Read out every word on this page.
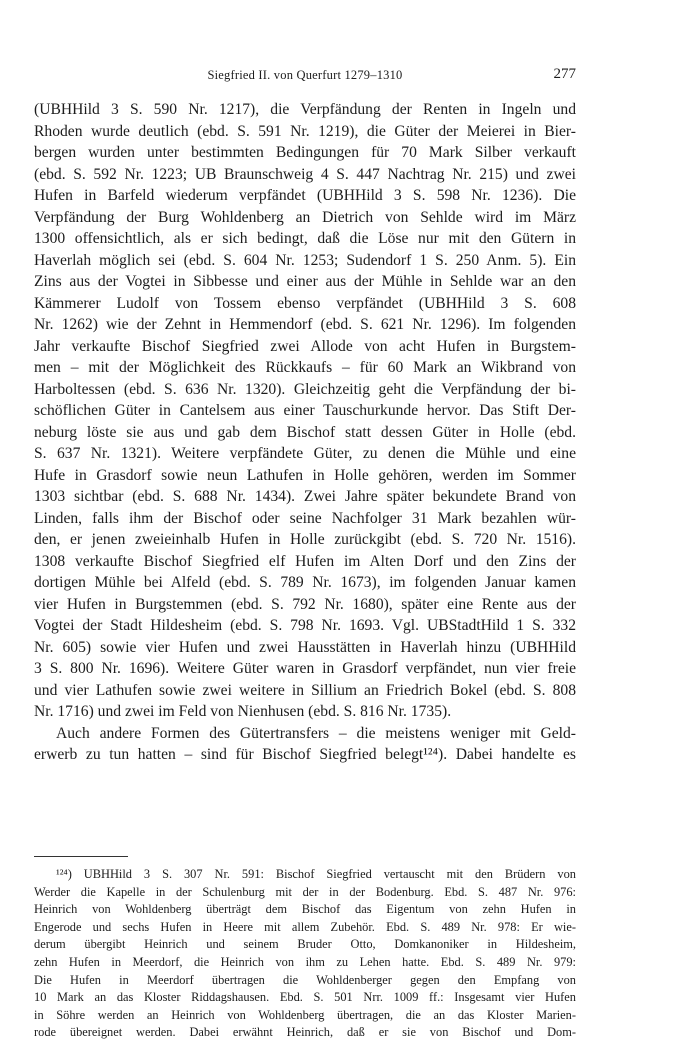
Siegfried II. von Querfurt 1279–1310	277
(UBHHild 3 S. 590 Nr. 1217), die Verpfändung der Renten in Ingeln und
Rhoden wurde deutlich (ebd. S. 591 Nr. 1219), die Güter der Meierei in Bier-
bergen wurden unter bestimmten Bedingungen für 70 Mark Silber verkauft
(ebd. S. 592 Nr. 1223; UB Braunschweig 4 S. 447 Nachtrag Nr. 215) und zwei
Hufen in Barfeld wiederum verpfändet (UBHHild 3 S. 598 Nr. 1236). Die
Verpfändung der Burg Wohldenberg an Dietrich von Sehlde wird im März
1300 offensichtlich, als er sich bedingt, daß die Löse nur mit den Gütern in
Haverlah möglich sei (ebd. S. 604 Nr. 1253; Sudendorf 1 S. 250 Anm. 5). Ein
Zins aus der Vogtei in Sibbesse und einer aus der Mühle in Sehlde war an den
Kämmerer Ludolf von Tossem ebenso verpfändet (UBHHild 3 S. 608
Nr. 1262) wie der Zehnt in Hemmendorf (ebd. S. 621 Nr. 1296). Im folgenden
Jahr verkaufte Bischof Siegfried zwei Allode von acht Hufen in Burgstem-
men – mit der Möglichkeit des Rückkaufs – für 60 Mark an Wikbrand von
Harboltessen (ebd. S. 636 Nr. 1320). Gleichzeitig geht die Verpfändung der bi-
schöflichen Güter in Cantelsem aus einer Tauschurkunde hervor. Das Stift Der-
neburg löste sie aus und gab dem Bischof statt dessen Güter in Holle (ebd.
S. 637 Nr. 1321). Weitere verpfändete Güter, zu denen die Mühle und eine
Hufe in Grasdorf sowie neun Lathufen in Holle gehören, werden im Sommer
1303 sichtbar (ebd. S. 688 Nr. 1434). Zwei Jahre später bekundete Brand von
Linden, falls ihm der Bischof oder seine Nachfolger 31 Mark bezahlen wür-
den, er jenen zweieinhalb Hufen in Holle zurückgibt (ebd. S. 720 Nr. 1516).
1308 verkaufte Bischof Siegfried elf Hufen im Alten Dorf und den Zins der
dortigen Mühle bei Alfeld (ebd. S. 789 Nr. 1673), im folgenden Januar kamen
vier Hufen in Burgstemmen (ebd. S. 792 Nr. 1680), später eine Rente aus der
Vogtei der Stadt Hildesheim (ebd. S. 798 Nr. 1693. Vgl. UBStadtHild 1 S. 332
Nr. 605) sowie vier Hufen und zwei Hausstätten in Haverlah hinzu (UBHHild
3 S. 800 Nr. 1696). Weitere Güter waren in Grasdorf verpfändet, nun vier freie
und vier Lathufen sowie zwei weitere in Sillium an Friedrich Bokel (ebd. S. 808
Nr. 1716) und zwei im Feld von Nienhusen (ebd. S. 816 Nr. 1735).
Auch andere Formen des Gütertransfers – die meistens weniger mit Geld-
erwerb zu tun hatten – sind für Bischof Siegfried belegt¹²⁴). Dabei handelte es
¹²⁴) UBHHild 3 S. 307 Nr. 591: Bischof Siegfried vertauscht mit den Brüdern von
Werder die Kapelle in der Schulenburg mit der in der Bodenburg. Ebd. S. 487 Nr. 976:
Heinrich von Wohldenberg überträgt dem Bischof das Eigentum von zehn Hufen in
Engerode und sechs Hufen in Heere mit allem Zubehör. Ebd. S. 489 Nr. 978: Er wie-
derum übergibt Heinrich und seinem Bruder Otto, Domkanoniker in Hildesheim,
zehn Hufen in Meerdorf, die Heinrich von ihm zu Lehen hatte. Ebd. S. 489 Nr. 979:
Die Hufen in Meerdorf übertragen die Wohldenberger gegen den Empfang von
10 Mark an das Kloster Riddagshausen. Ebd. S. 501 Nrr. 1009 ff.: Insgesamt vier Hufen
in Söhre werden an Heinrich von Wohldenberg übertragen, die an das Kloster Marien-
rode übereignet werden. Dabei erwähnt Heinrich, daß er sie von Bischof und Dom-
